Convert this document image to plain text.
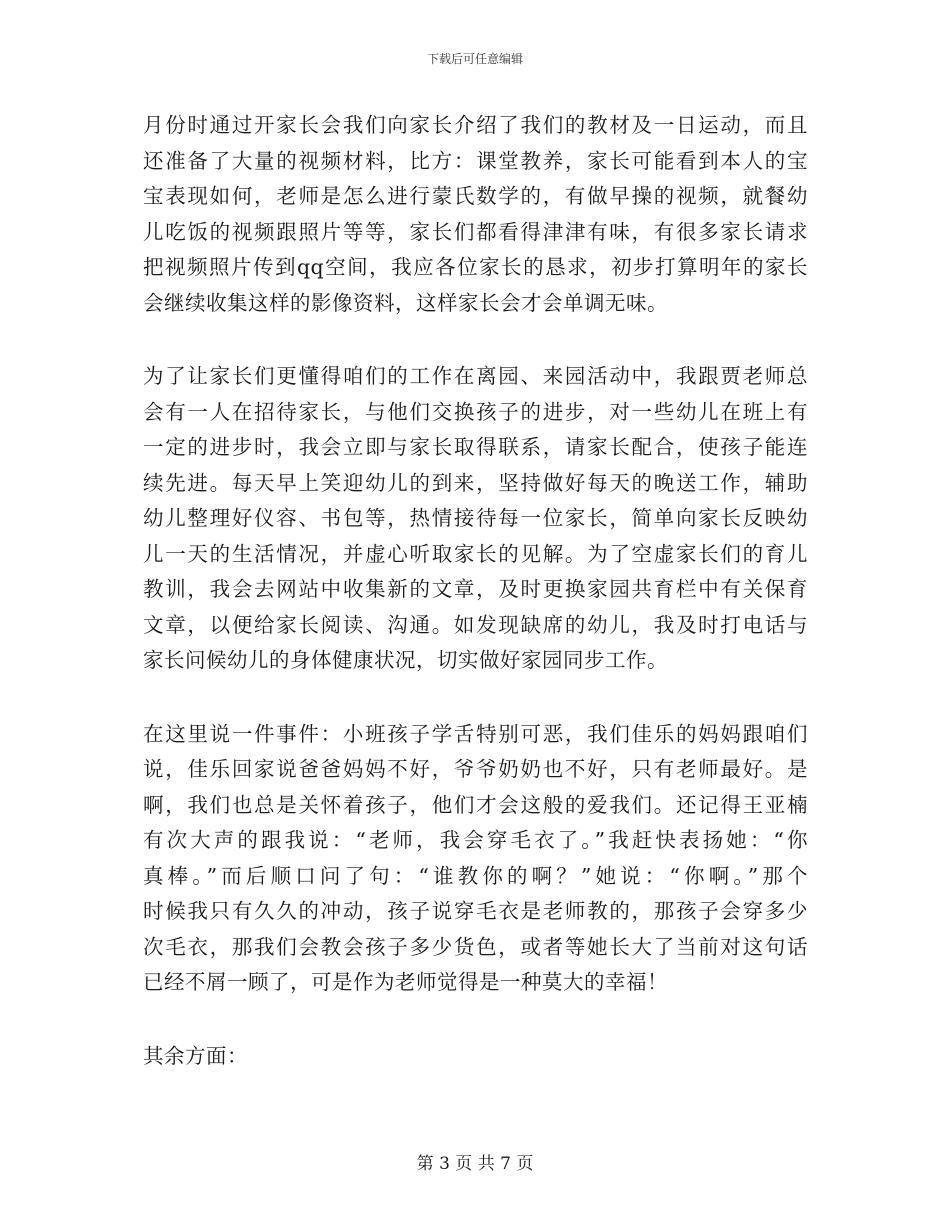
下载后可任意编辑

月份时通过开家长会我们向家长介绍了我们的教材及一日运动，而且
还准备了大量的视频材料，比方：课堂教养，家长可能看到本人的宝
宝表现如何，老师是怎么进行蒙氏数学的，有做早操的视频，就餐幼
儿吃饭的视频跟照片等等，家长们都看得津津有味，有很多家长请求
把视频照片传到qq空间，我应各位家长的恳求，初步打算明年的家长
会继续收集这样的影像资料，这样家长会才会单调无味。

为了让家长们更懂得咱们的工作在离园、来园活动中，我跟贾老师总
会有一人在招待家长，与他们交换孩子的进步，对一些幼儿在班上有
一定的进步时，我会立即与家长取得联系，请家长配合，使孩子能连
续先进。每天早上笑迎幼儿的到来，坚持做好每天的晚送工作，辅助
幼儿整理好仪容、书包等，热情接待每一位家长，简单向家长反映幼
儿一天的生活情况，并虚心听取家长的见解。为了空虚家长们的育儿
教训，我会去网站中收集新的文章，及时更换家园共育栏中有关保育
文章，以便给家长阅读、沟通。如发现缺席的幼儿，我及时打电话与
家长问候幼儿的身体健康状况，切实做好家园同步工作。

在这里说一件事件：小班孩子学舌特别可恶，我们佳乐的妈妈跟咱们
说，佳乐回家说爸爸妈妈不好，爷爷奶奶也不好，只有老师最好。是
啊，我们也总是关怀着孩子，他们才会这般的爱我们。还记得王亚楠
有次大声的跟我说：“老师，我会穿毛衣了。”我赶快表扬她：“你
真棒。”而后顺口问了句：“谁教你的啊？”她说：“你啊。”那个
时候我只有久久的冲动，孩子说穿毛衣是老师教的，那孩子会穿多少
次毛衣，那我们会教会孩子多少货色，或者等她长大了当前对这句话
已经不屑一顾了，可是作为老师觉得是一种莫大的幸福！

其余方面：

第 3 页 共 7 页
